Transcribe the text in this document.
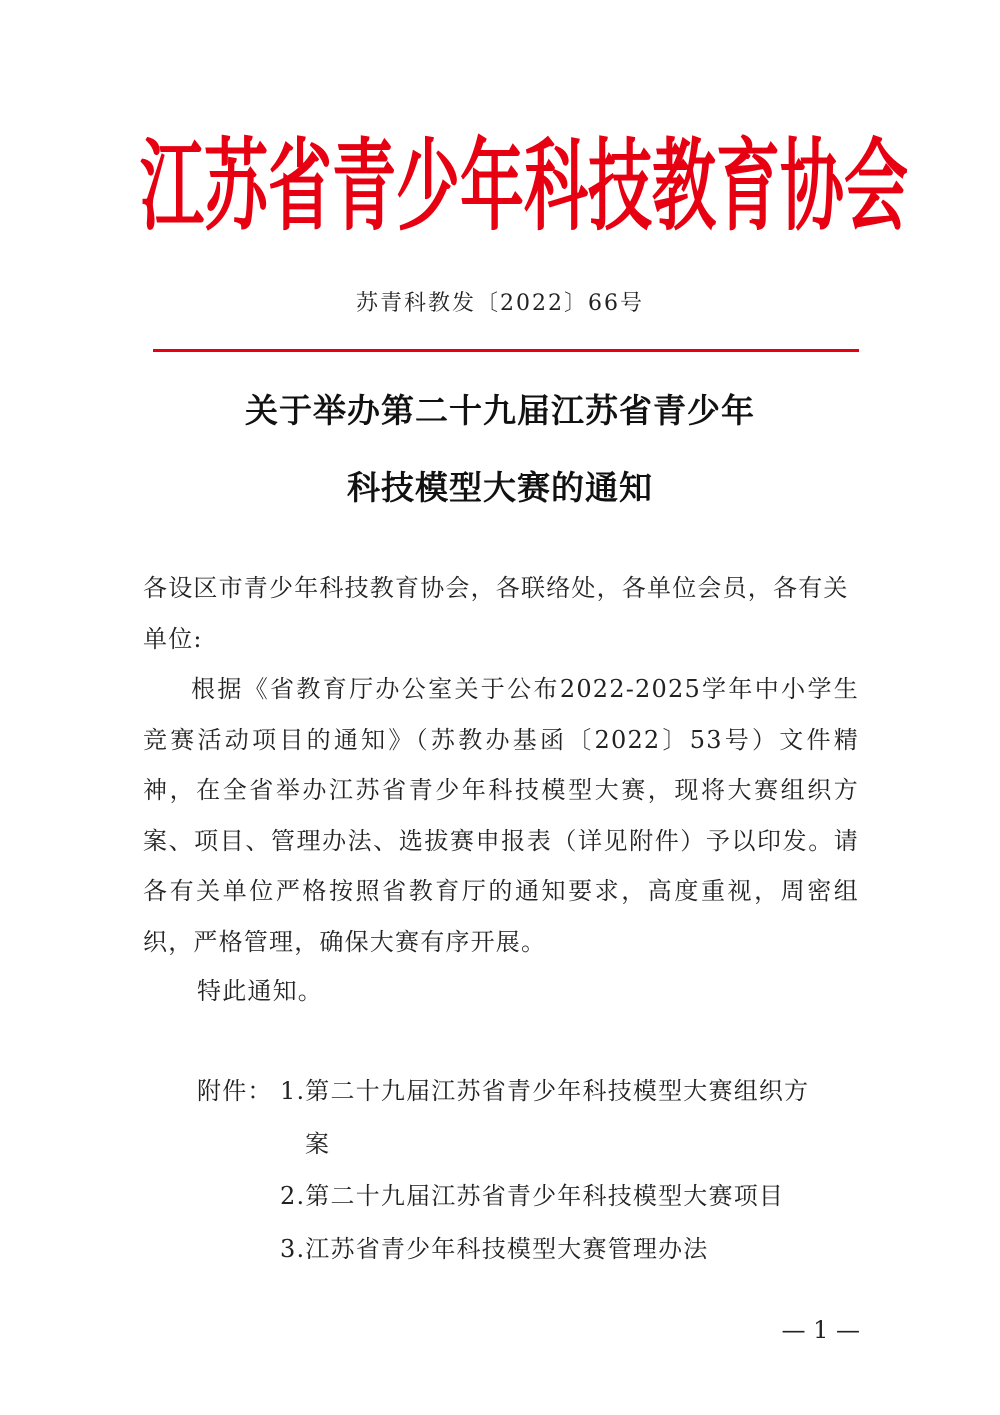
江苏省青少年科技教育协会
苏青科教发〔2022〕66号
关于举办第二十九届江苏省青少年
科技模型大赛的通知
各设区市青少年科技教育协会，各联络处，各单位会员，各有关单位:
根据《省教育厅办公室关于公布2022-2025学年中小学生竞赛活动项目的通知》（苏教办基函〔2022〕53号）文件精神，在全省举办江苏省青少年科技模型大赛，现将大赛组织方案、项目、管理办法、选拔赛申报表（详见附件）予以印发。请各有关单位严格按照省教育厅的通知要求，高度重视，周密组织，严格管理，确保大赛有序开展。
特此通知。
附件： 1.第二十九届江苏省青少年科技模型大赛组织方
案
2.第二十九届江苏省青少年科技模型大赛项目
3.江苏省青少年科技模型大赛管理办法
— 1 —
